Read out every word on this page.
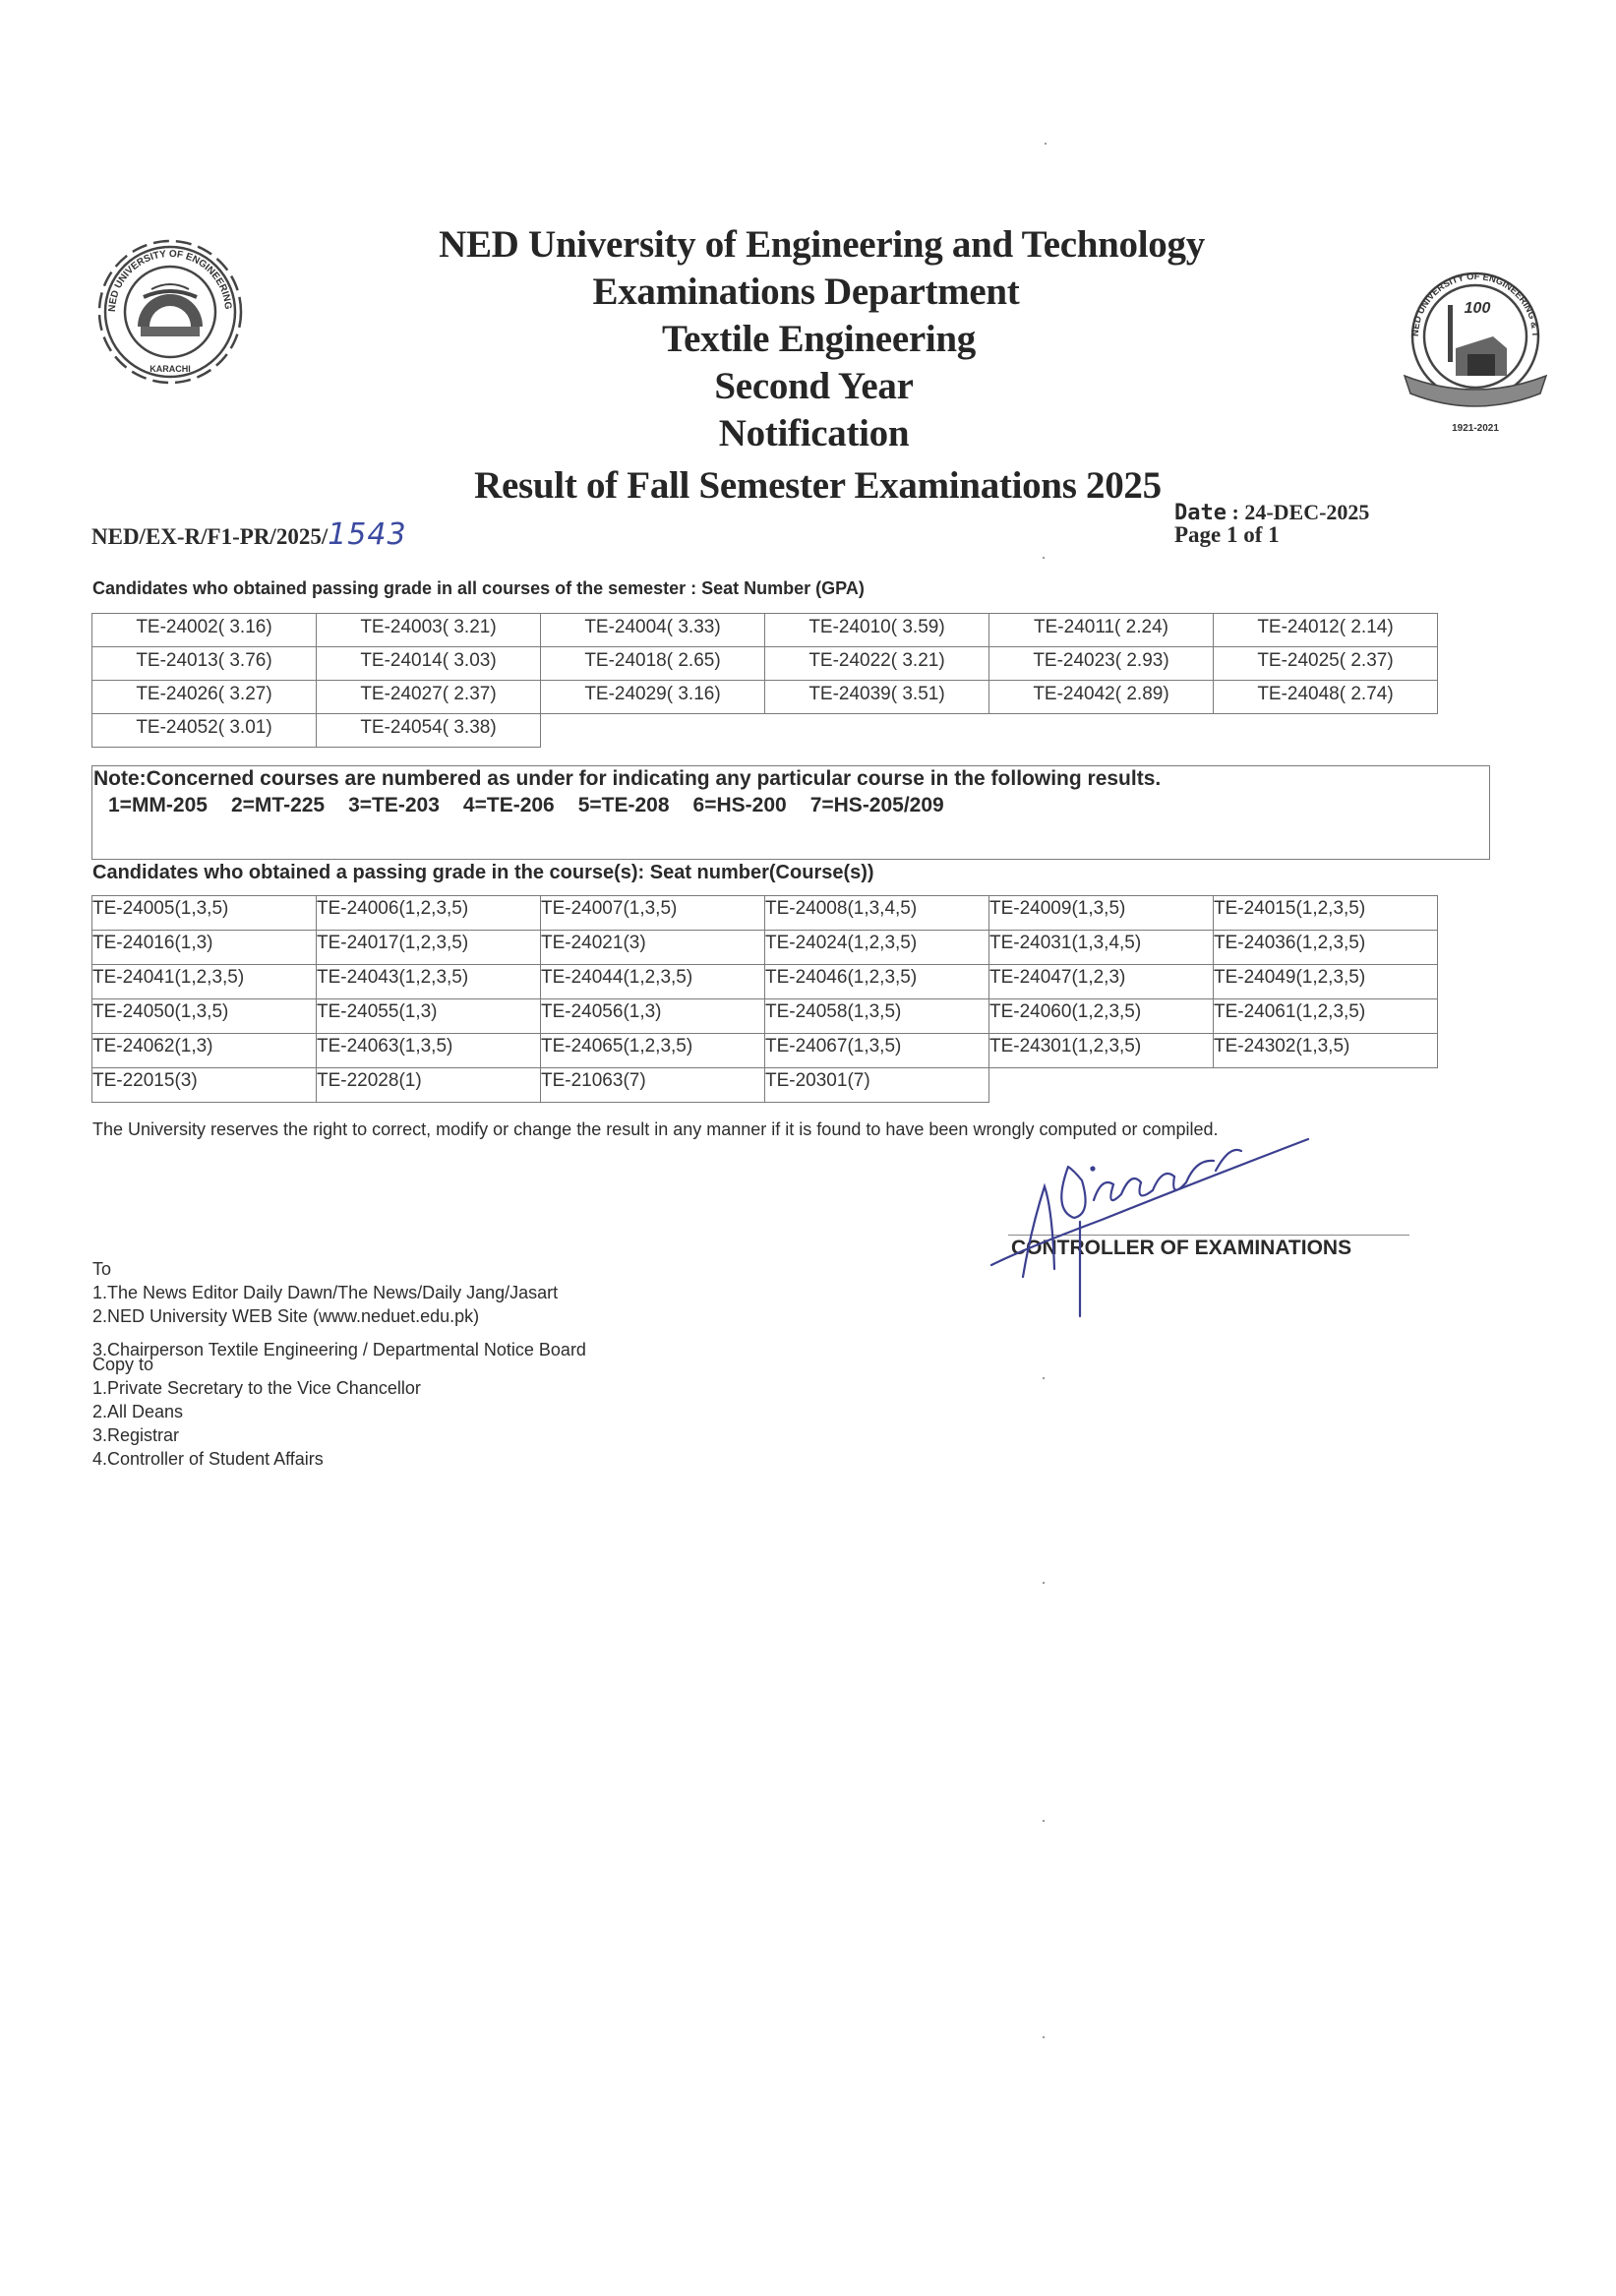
NED UNIVERSITY OF ENGINEERING
KARACHI
NED UNIVERSITY OF ENGINEERING & T
100
1921-2021
NED University of Engineering and Technology
Examinations Department
Textile Engineering
Second Year
Notification
Result of Fall Semester Examinations 2025
NED/EX-R/F1-PR/2025/1543
Date : 24-DEC-2025
Page 1 of 1
Candidates who obtained passing grade in all courses of the semester : Seat Number (GPA)
TE-24002( 3.16)	TE-24003( 3.21)	TE-24004( 3.33)	TE-24010( 3.59)	TE-24011( 2.24)	TE-24012( 2.14)
TE-24013( 3.76)	TE-24014( 3.03)	TE-24018( 2.65)	TE-24022( 3.21)	TE-24023( 2.93)	TE-24025( 2.37)
TE-24026( 3.27)	TE-24027( 2.37)	TE-24029( 3.16)	TE-24039( 3.51)	TE-24042( 2.89)	TE-24048( 2.74)
TE-24052( 3.01)	TE-24054( 3.38)				
Note:Concerned courses are numbered as under for indicating any particular course in the following results.
1=MM-205 2=MT-225 3=TE-203 4=TE-206 5=TE-208 6=HS-200 7=HS-205/209
Candidates who obtained a passing grade in the course(s): Seat number(Course(s))
TE-24005(1,3,5)	TE-24006(1,2,3,5)	TE-24007(1,3,5)	TE-24008(1,3,4,5)	TE-24009(1,3,5)	TE-24015(1,2,3,5)
TE-24016(1,3)	TE-24017(1,2,3,5)	TE-24021(3)	TE-24024(1,2,3,5)	TE-24031(1,3,4,5)	TE-24036(1,2,3,5)
TE-24041(1,2,3,5)	TE-24043(1,2,3,5)	TE-24044(1,2,3,5)	TE-24046(1,2,3,5)	TE-24047(1,2,3)	TE-24049(1,2,3,5)
TE-24050(1,3,5)	TE-24055(1,3)	TE-24056(1,3)	TE-24058(1,3,5)	TE-24060(1,2,3,5)	TE-24061(1,2,3,5)
TE-24062(1,3)	TE-24063(1,3,5)	TE-24065(1,2,3,5)	TE-24067(1,3,5)	TE-24301(1,2,3,5)	TE-24302(1,3,5)
TE-22015(3)	TE-22028(1)	TE-21063(7)	TE-20301(7)		
The University reserves the right to correct, modify or change the result in any manner if it is found to have been wrongly computed or compiled.
CONTROLLER OF EXAMINATIONS
To
1.The News Editor Daily Dawn/The News/Daily Jang/Jasart
2.NED University WEB Site (www.neduet.edu.pk)
3.Chairperson Textile Engineering / Departmental Notice Board
Copy to
1.Private Secretary to the Vice Chancellor
2.All Deans
3.Registrar
4.Controller of Student Affairs
